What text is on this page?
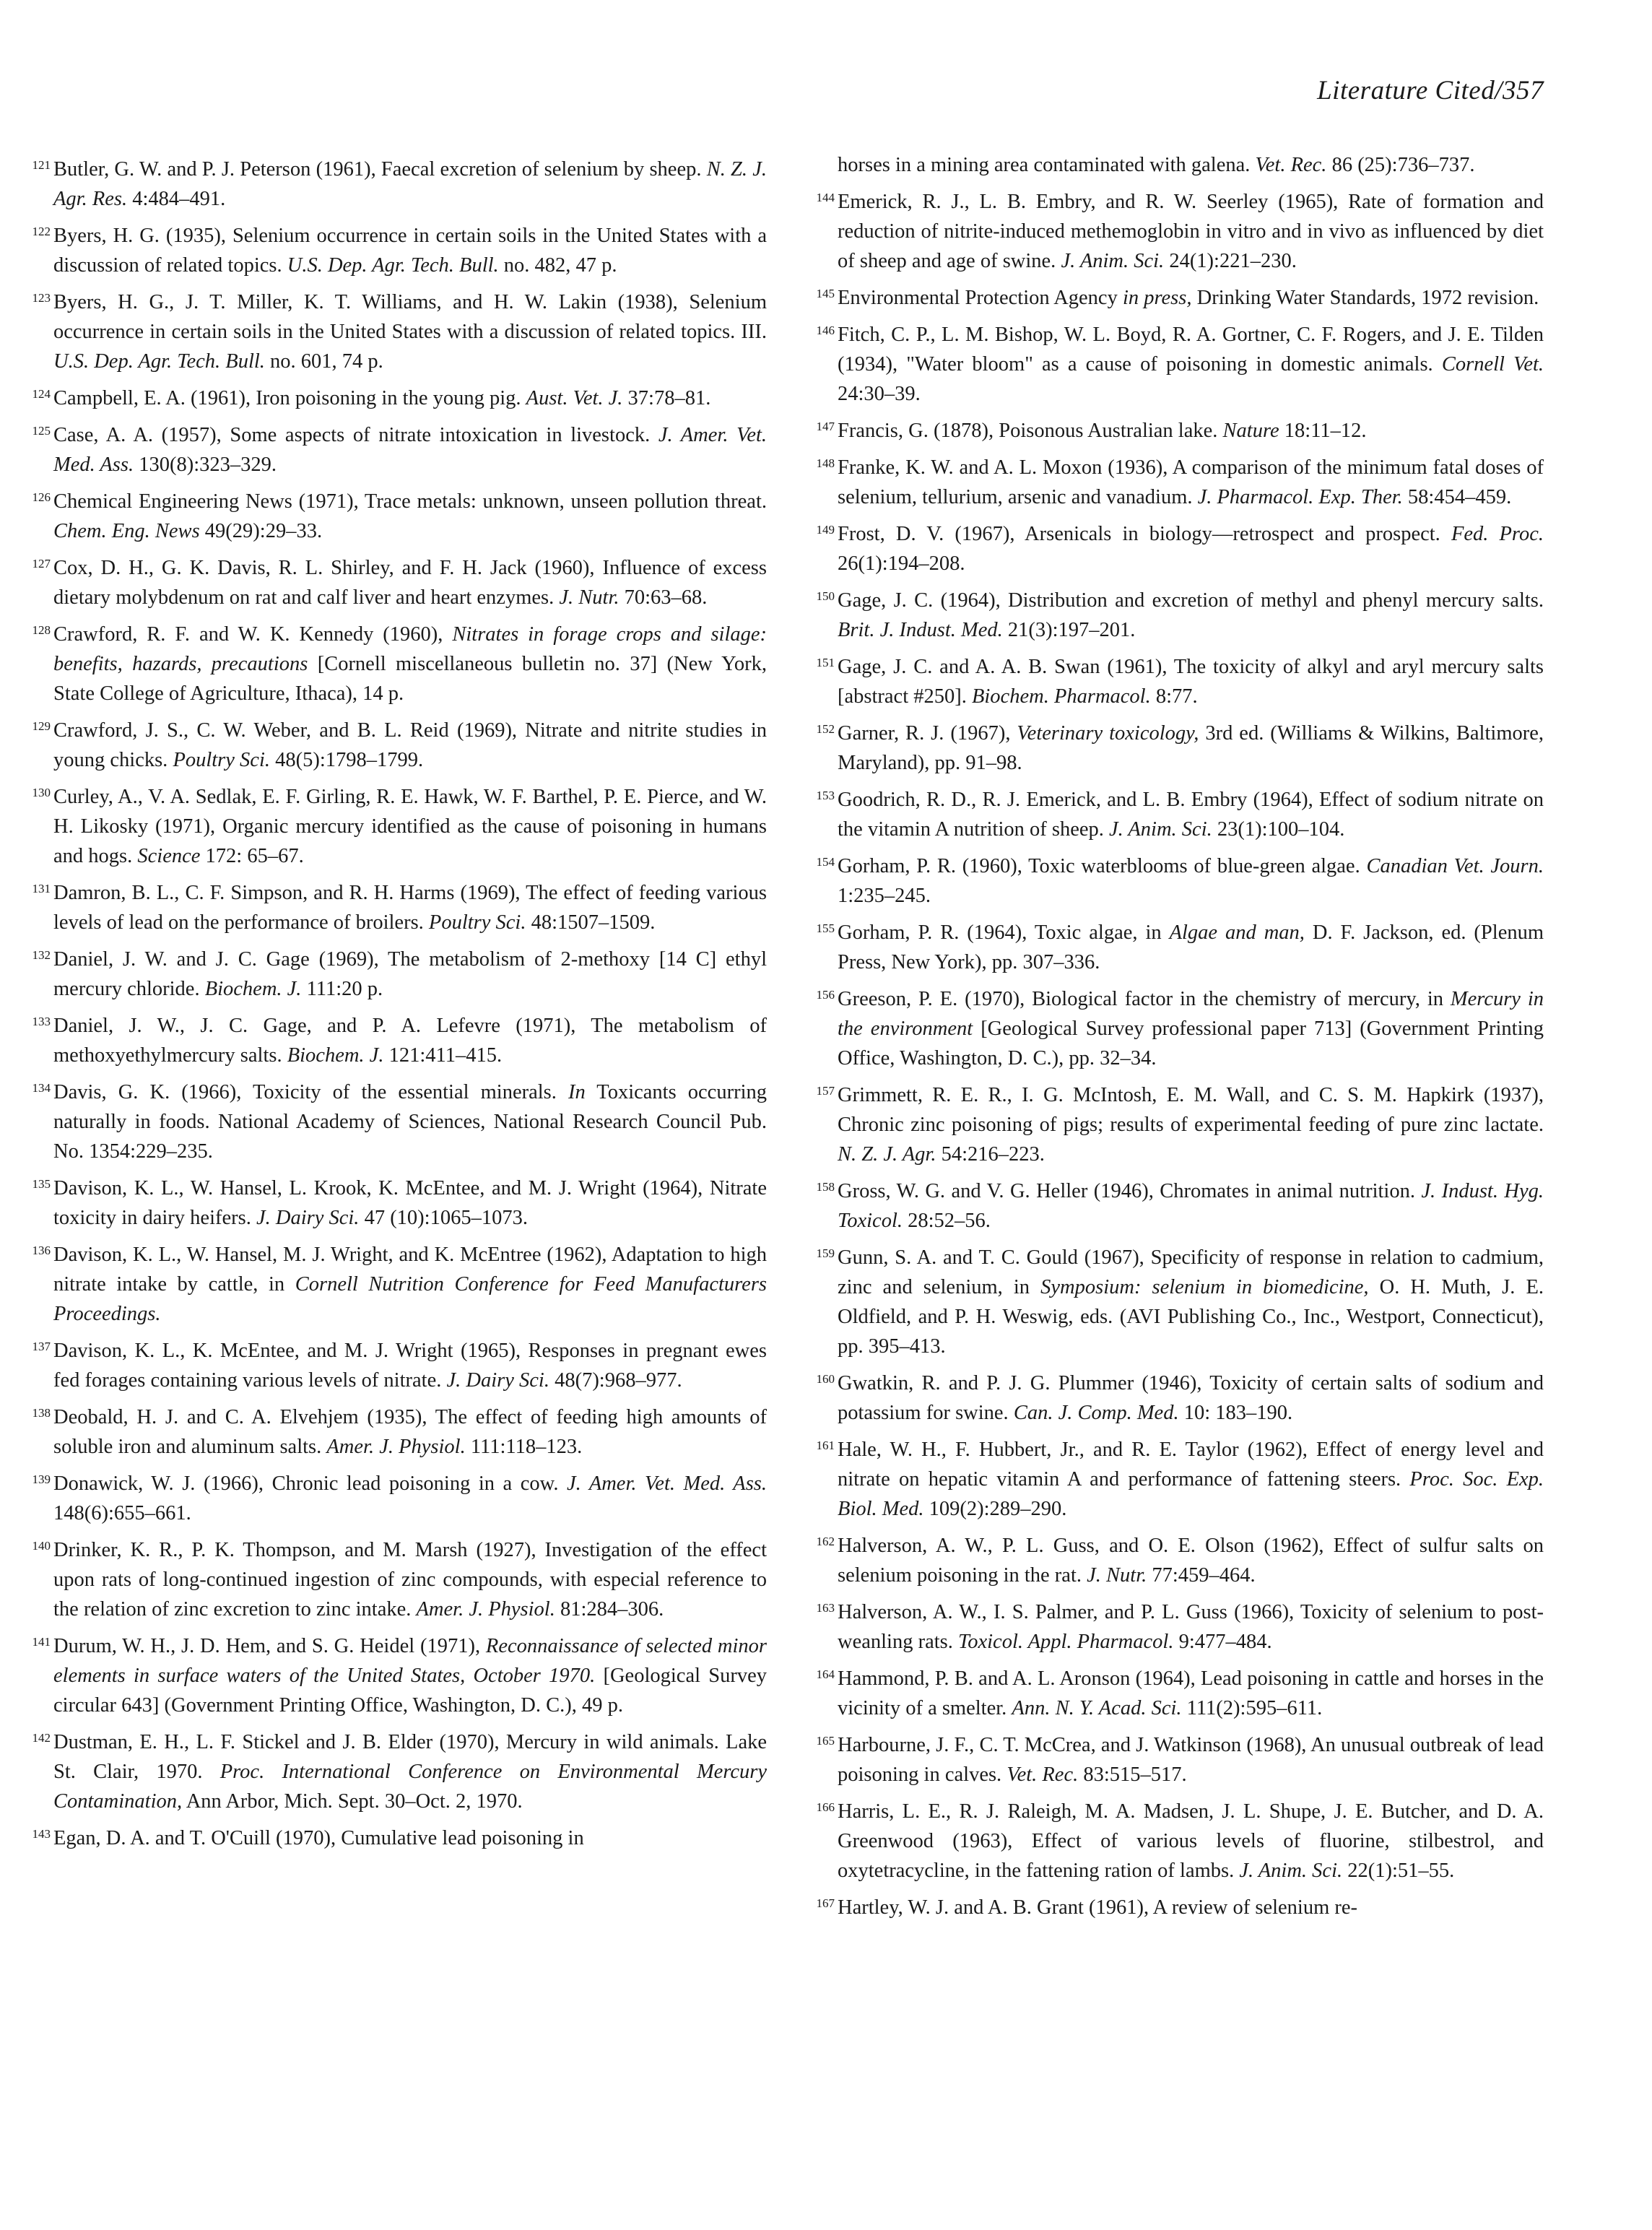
Literature Cited/357

121 Butler, G. W. and P. J. Peterson (1961), Faecal excretion of selenium by sheep. N. Z. J. Agr. Res. 4:484–491.

122 Byers, H. G. (1935), Selenium occurrence in certain soils in the United States with a discussion of related topics. U.S. Dep. Agr. Tech. Bull. no. 482, 47 p.

123 Byers, H. G., J. T. Miller, K. T. Williams, and H. W. Lakin (1938), Selenium occurrence in certain soils in the United States with a discussion of related topics. III. U.S. Dep. Agr. Tech. Bull. no. 601, 74 p.

124 Campbell, E. A. (1961), Iron poisoning in the young pig. Aust. Vet. J. 37:78–81.

125 Case, A. A. (1957), Some aspects of nitrate intoxication in livestock. J. Amer. Vet. Med. Ass. 130(8):323–329.

126 Chemical Engineering News (1971), Trace metals: unknown, unseen pollution threat. Chem. Eng. News 49(29):29–33.

127 Cox, D. H., G. K. Davis, R. L. Shirley, and F. H. Jack (1960), Influence of excess dietary molybdenum on rat and calf liver and heart enzymes. J. Nutr. 70:63–68.

128 Crawford, R. F. and W. K. Kennedy (1960), Nitrates in forage crops and silage: benefits, hazards, precautions [Cornell miscellaneous bulletin no. 37] (New York, State College of Agriculture, Ithaca), 14 p.

129 Crawford, J. S., C. W. Weber, and B. L. Reid (1969), Nitrate and nitrite studies in young chicks. Poultry Sci. 48(5):1798–1799.

130 Curley, A., V. A. Sedlak, E. F. Girling, R. E. Hawk, W. F. Barthel, P. E. Pierce, and W. H. Likosky (1971), Organic mercury identified as the cause of poisoning in humans and hogs. Science 172: 65–67.

131 Damron, B. L., C. F. Simpson, and R. H. Harms (1969), The effect of feeding various levels of lead on the performance of broilers. Poultry Sci. 48:1507–1509.

132 Daniel, J. W. and J. C. Gage (1969), The metabolism of 2-methoxy [14 C] ethyl mercury chloride. Biochem. J. 111:20 p.

133 Daniel, J. W., J. C. Gage, and P. A. Lefevre (1971), The metabolism of methoxyethylmercury salts. Biochem. J. 121:411–415.

134 Davis, G. K. (1966), Toxicity of the essential minerals. In Toxicants occurring naturally in foods. National Academy of Sciences, National Research Council Pub. No. 1354:229–235.

135 Davison, K. L., W. Hansel, L. Krook, K. McEntee, and M. J. Wright (1964), Nitrate toxicity in dairy heifers. J. Dairy Sci. 47 (10):1065–1073.

136 Davison, K. L., W. Hansel, M. J. Wright, and K. McEntree (1962), Adaptation to high nitrate intake by cattle, in Cornell Nutrition Conference for Feed Manufacturers Proceedings.

137 Davison, K. L., K. McEntee, and M. J. Wright (1965), Responses in pregnant ewes fed forages containing various levels of nitrate. J. Dairy Sci. 48(7):968–977.

138 Deobald, H. J. and C. A. Elvehjem (1935), The effect of feeding high amounts of soluble iron and aluminum salts. Amer. J. Physiol. 111:118–123.

139 Donawick, W. J. (1966), Chronic lead poisoning in a cow. J. Amer. Vet. Med. Ass. 148(6):655–661.

140 Drinker, K. R., P. K. Thompson, and M. Marsh (1927), Investigation of the effect upon rats of long-continued ingestion of zinc compounds, with especial reference to the relation of zinc excretion to zinc intake. Amer. J. Physiol. 81:284–306.

141 Durum, W. H., J. D. Hem, and S. G. Heidel (1971), Reconnaissance of selected minor elements in surface waters of the United States, October 1970. [Geological Survey circular 643] (Government Printing Office, Washington, D. C.), 49 p.

142 Dustman, E. H., L. F. Stickel and J. B. Elder (1970), Mercury in wild animals. Lake St. Clair, 1970. Proc. International Conference on Environmental Mercury Contamination, Ann Arbor, Mich. Sept. 30–Oct. 2, 1970.

143 Egan, D. A. and T. O'Cuill (1970), Cumulative lead poisoning in

horses in a mining area contaminated with galena. Vet. Rec. 86 (25):736–737.

144 Emerick, R. J., L. B. Embry, and R. W. Seerley (1965), Rate of formation and reduction of nitrite-induced methemoglobin in vitro and in vivo as influenced by diet of sheep and age of swine. J. Anim. Sci. 24(1):221–230.

145 Environmental Protection Agency in press, Drinking Water Standards, 1972 revision.

146 Fitch, C. P., L. M. Bishop, W. L. Boyd, R. A. Gortner, C. F. Rogers, and J. E. Tilden (1934), "Water bloom" as a cause of poisoning in domestic animals. Cornell Vet. 24:30–39.

147 Francis, G. (1878), Poisonous Australian lake. Nature 18:11–12.

148 Franke, K. W. and A. L. Moxon (1936), A comparison of the minimum fatal doses of selenium, tellurium, arsenic and vanadium. J. Pharmacol. Exp. Ther. 58:454–459.

149 Frost, D. V. (1967), Arsenicals in biology—retrospect and prospect. Fed. Proc. 26(1):194–208.

150 Gage, J. C. (1964), Distribution and excretion of methyl and phenyl mercury salts. Brit. J. Indust. Med. 21(3):197–201.

151 Gage, J. C. and A. A. B. Swan (1961), The toxicity of alkyl and aryl mercury salts [abstract #250]. Biochem. Pharmacol. 8:77.

152 Garner, R. J. (1967), Veterinary toxicology, 3rd ed. (Williams & Wilkins, Baltimore, Maryland), pp. 91–98.

153 Goodrich, R. D., R. J. Emerick, and L. B. Embry (1964), Effect of sodium nitrate on the vitamin A nutrition of sheep. J. Anim. Sci. 23(1):100–104.

154 Gorham, P. R. (1960), Toxic waterblooms of blue-green algae. Canadian Vet. Journ. 1:235–245.

155 Gorham, P. R. (1964), Toxic algae, in Algae and man, D. F. Jackson, ed. (Plenum Press, New York), pp. 307–336.

156 Greeson, P. E. (1970), Biological factor in the chemistry of mercury, in Mercury in the environment [Geological Survey professional paper 713] (Government Printing Office, Washington, D. C.), pp. 32–34.

157 Grimmett, R. E. R., I. G. McIntosh, E. M. Wall, and C. S. M. Hapkirk (1937), Chronic zinc poisoning of pigs; results of experimental feeding of pure zinc lactate. N. Z. J. Agr. 54:216–223.

158 Gross, W. G. and V. G. Heller (1946), Chromates in animal nutrition. J. Indust. Hyg. Toxicol. 28:52–56.

159 Gunn, S. A. and T. C. Gould (1967), Specificity of response in relation to cadmium, zinc and selenium, in Symposium: selenium in biomedicine, O. H. Muth, J. E. Oldfield, and P. H. Weswig, eds. (AVI Publishing Co., Inc., Westport, Connecticut), pp. 395–413.

160 Gwatkin, R. and P. J. G. Plummer (1946), Toxicity of certain salts of sodium and potassium for swine. Can. J. Comp. Med. 10: 183–190.

161 Hale, W. H., F. Hubbert, Jr., and R. E. Taylor (1962), Effect of energy level and nitrate on hepatic vitamin A and performance of fattening steers. Proc. Soc. Exp. Biol. Med. 109(2):289–290.

162 Halverson, A. W., P. L. Guss, and O. E. Olson (1962), Effect of sulfur salts on selenium poisoning in the rat. J. Nutr. 77:459–464.

163 Halverson, A. W., I. S. Palmer, and P. L. Guss (1966), Toxicity of selenium to post-weanling rats. Toxicol. Appl. Pharmacol. 9:477–484.

164 Hammond, P. B. and A. L. Aronson (1964), Lead poisoning in cattle and horses in the vicinity of a smelter. Ann. N. Y. Acad. Sci. 111(2):595–611.

165 Harbourne, J. F., C. T. McCrea, and J. Watkinson (1968), An unusual outbreak of lead poisoning in calves. Vet. Rec. 83:515–517.

166 Harris, L. E., R. J. Raleigh, M. A. Madsen, J. L. Shupe, J. E. Butcher, and D. A. Greenwood (1963), Effect of various levels of fluorine, stilbestrol, and oxytetracycline, in the fattening ration of lambs. J. Anim. Sci. 22(1):51–55.

167 Hartley, W. J. and A. B. Grant (1961), A review of selenium re-
